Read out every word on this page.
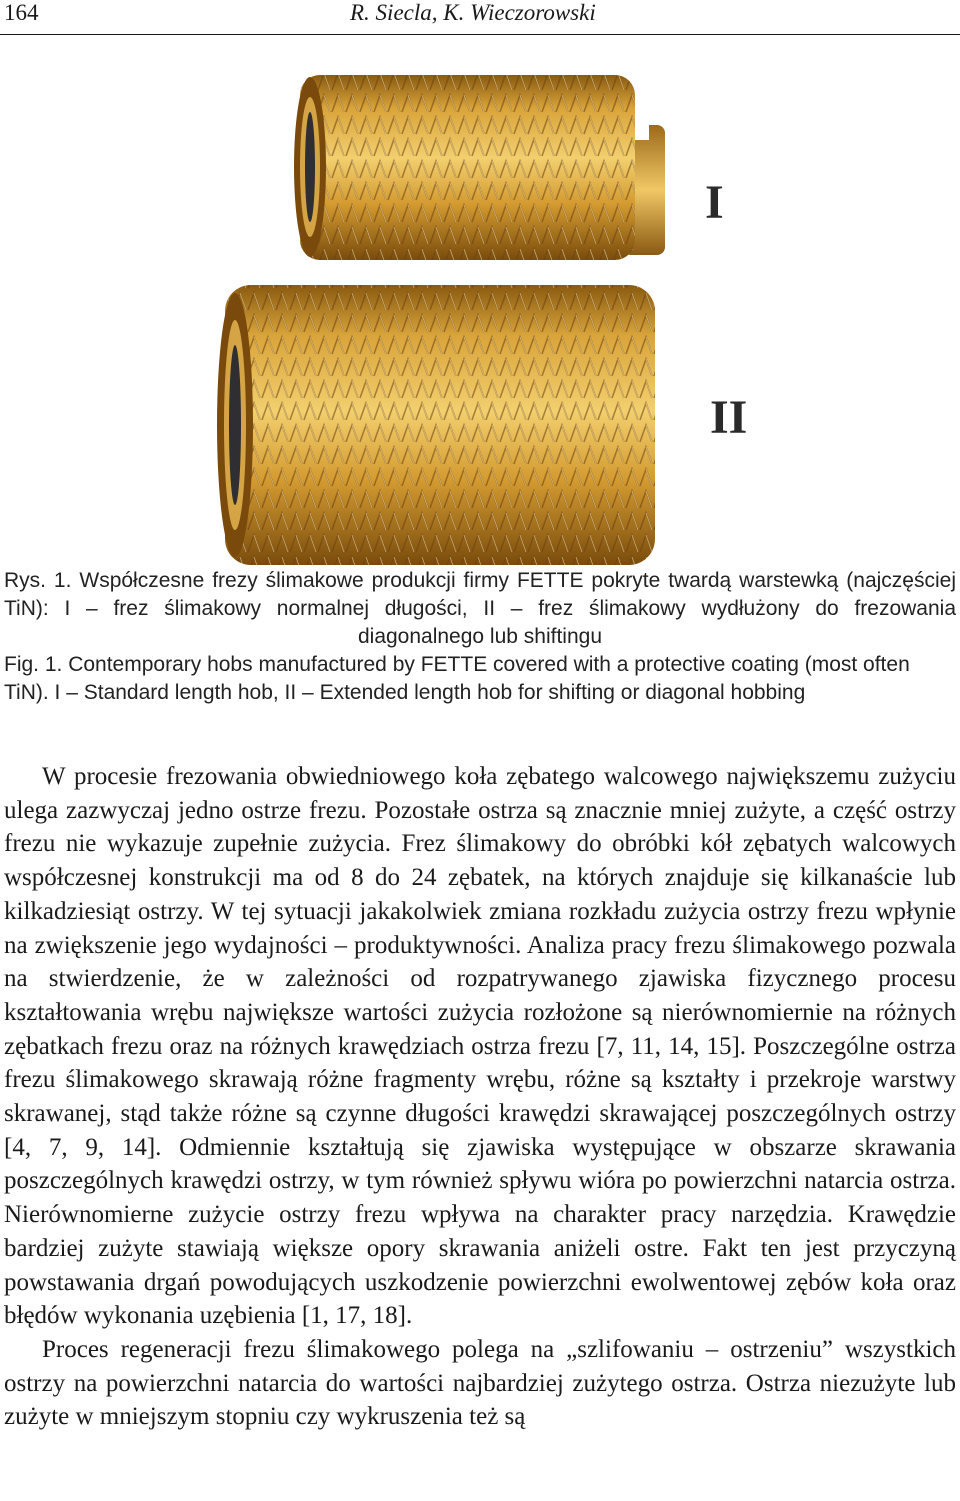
164	R. Siecla, K. Wieczorowski
I
II
Rys. 1. Współczesne frezy ślimakowe produkcji firmy FETTE pokryte twardą warstewką (najczęściej TiN): I – frez ślimakowy normalnej długości, II – frez ślimakowy wydłużony do frezowania diagonalnego lub shiftingu
Fig. 1. Contemporary hobs manufactured by FETTE covered with a protective coating (most often TiN). I – Standard length hob, II – Extended length hob for shifting or diagonal hobbing

W procesie frezowania obwiedniowego koła zębatego walcowego największemu zużyciu ulega zazwyczaj jedno ostrze frezu. Pozostałe ostrza są znacznie mniej zużyte, a część ostrzy frezu nie wykazuje zupełnie zużycia. Frez ślimakowy do obróbki kół zębatych walcowych współczesnej konstrukcji ma od 8 do 24 zębatek, na których znajduje się kilkanaście lub kilkadziesiąt ostrzy. W tej sytuacji jakakolwiek zmiana rozkładu zużycia ostrzy frezu wpłynie na zwiększenie jego wydajności – produktywności. Analiza pracy frezu ślimakowego pozwala na stwierdzenie, że w zależności od rozpatrywanego zjawiska fizycznego procesu kształtowania wrębu największe wartości zużycia rozłożone są nierównomiernie na różnych zębatkach frezu oraz na różnych krawędziach ostrza frezu [7, 11, 14, 15]. Poszczególne ostrza frezu ślimakowego skrawają różne fragmenty wrębu, różne są kształty i przekroje warstwy skrawanej, stąd także różne są czynne długości krawędzi skrawającej poszczególnych ostrzy [4, 7, 9, 14]. Odmiennie kształtują się zjawiska występujące w obszarze skrawania poszczególnych krawędzi ostrzy, w tym również spływu wióra po powierzchni natarcia ostrza. Nierównomierne zużycie ostrzy frezu wpływa na charakter pracy narzędzia. Krawędzie bardziej zużyte stawiają większe opory skrawania aniżeli ostre. Fakt ten jest przyczyną powstawania drgań powodujących uszkodzenie powierzchni ewolwentowej zębów koła oraz błędów wykonania uzębienia [1, 17, 18].

Proces regeneracji frezu ślimakowego polega na „szlifowaniu – ostrzeniu” wszystkich ostrzy na powierzchni natarcia do wartości najbardziej zużytego ostrza. Ostrza niezużyte lub zużyte w mniejszym stopniu czy wykruszenia też są
